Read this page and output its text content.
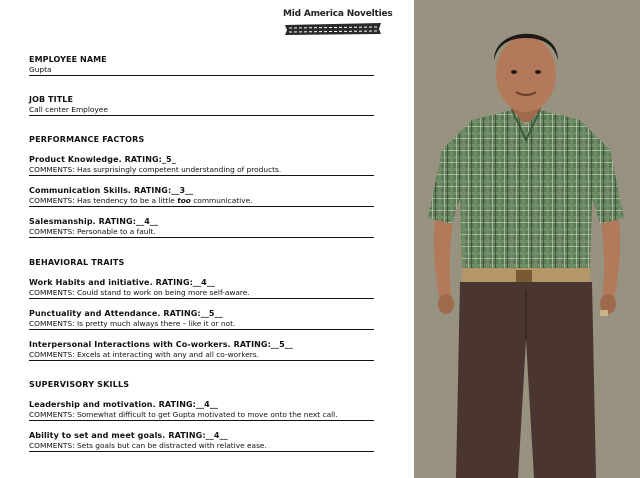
Mid America Novelties
EMPLOYEE NAME
Gupta
JOB TITLE
Call center Employee
PERFORMANCE FACTORS
Product Knowledge. RATING:_5_
COMMENTS: Has surprisingly competent understanding of products.
Communication Skills. RATING:__3__
COMMENTS: Has tendency to be a little too communicative.
Salesmanship. RATING:__4__
COMMENTS: Personable to a fault.
BEHAVIORAL TRAITS
Work Habits and initiative. RATING:__4__
COMMENTS: Could stand to work on being more self-aware.
Punctuality and Attendance. RATING:__5__
COMMENTS: Is pretty much always there – like it or not.
Interpersonal Interactions with Co-workers. RATING:__5__
COMMENTS: Excels at interacting with any and all co-workers.
SUPERVISORY SKILLS
Leadership and motivation. RATING:__4__
COMMENTS: Somewhat difficult to get Gupta motivated to move onto the next call.
Ability to set and meet goals. RATING:__4__
COMMENTS: Sets goals but can be distracted with relative ease.
